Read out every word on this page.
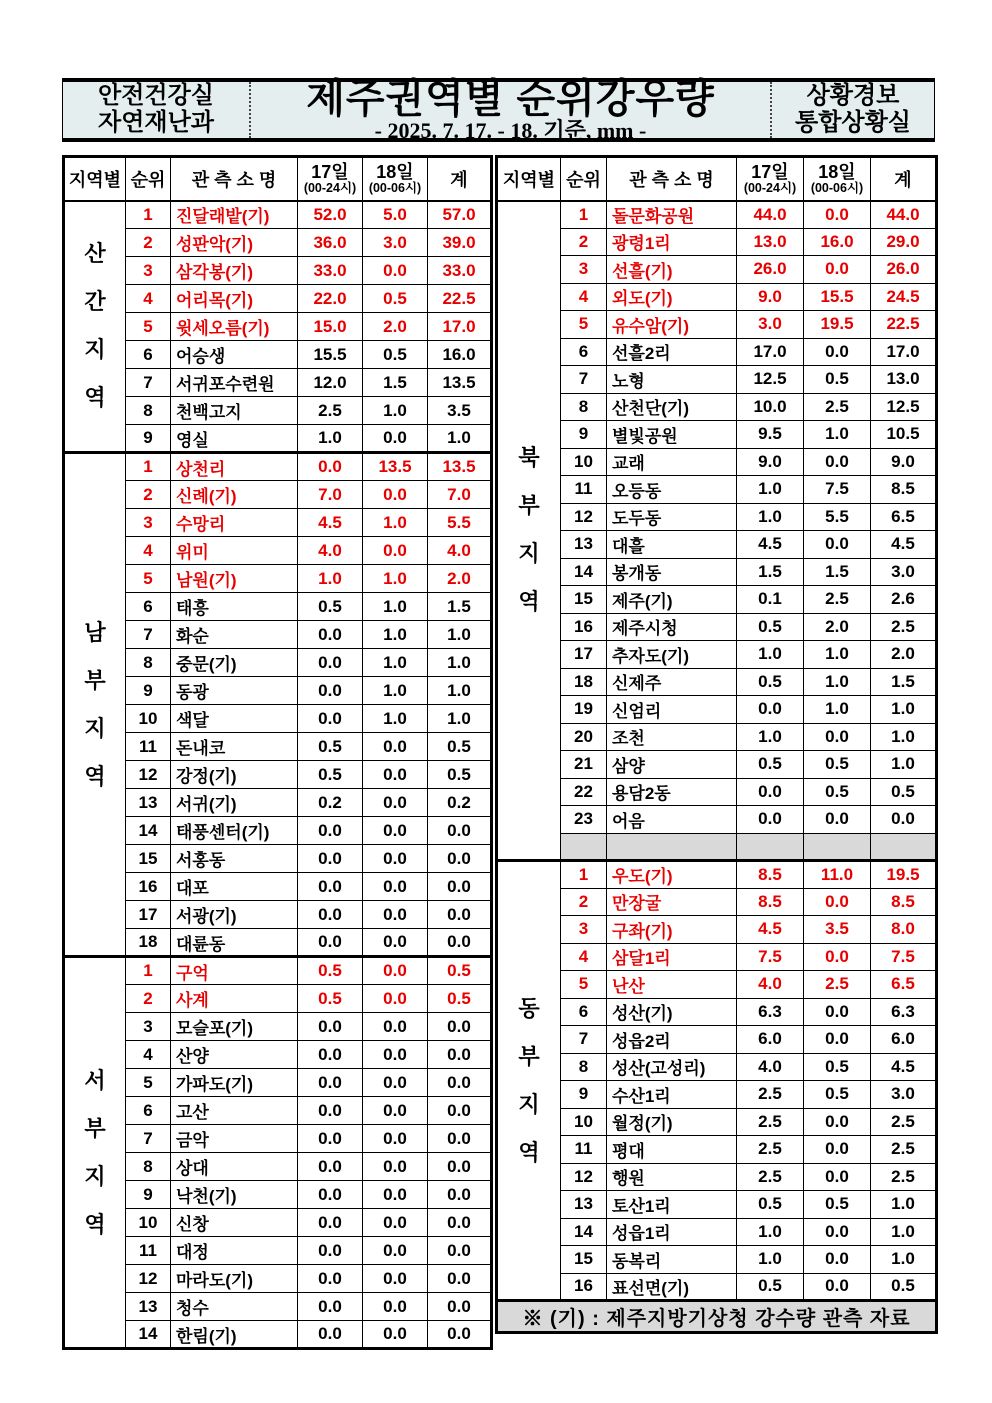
안전건강실
자연재난과
제주권역별 순위강우량
- 2025. 7. 17. - 18. 기준, mm -
상황경보
통합상황실
지역별	순위	관 측 소 명	17일
(00-24시)

18일
(00-06시)	계

산
간
지
역	1	진달래밭(기)	52.0	5.0	57.0
	2	성판악(기)	36.0	3.0	39.0
	3	삼각봉(기)	33.0	0.0	33.0
	4	어리목(기)	22.0	0.5	22.5
	5	윗세오름(기)	15.0	2.0	17.0
	6	어승생	15.5	0.5	16.0
	7	서귀포수련원	12.0	1.5	13.5
	8	천백고지	2.5	1.0	3.5
	9	영실	1.0	0.0	1.0

남
부
지
역	1	상천리	0.0	13.5	13.5
	2	신례(기)	7.0	0.0	7.0
	3	수망리	4.5	1.0	5.5
	4	위미	4.0	0.0	4.0
	5	남원(기)	1.0	1.0	2.0
	6	태흥	0.5	1.0	1.5
	7	화순	0.0	1.0	1.0
	8	중문(기)	0.0	1.0	1.0
	9	동광	0.0	1.0	1.0
	10	색달	0.0	1.0	1.0
	11	돈내코	0.5	0.0	0.5
	12	강정(기)	0.5	0.0	0.5
	13	서귀(기)	0.2	0.0	0.2
	14	태풍센터(기)	0.0	0.0	0.0
	15	서홍동	0.0	0.0	0.0
	16	대포	0.0	0.0	0.0
	17	서광(기)	0.0	0.0	0.0
	18	대륜동	0.0	0.0	0.0

서
부
지
역	1	구억	0.5	0.0	0.5
	2	사계	0.5	0.0	0.5
	3	모슬포(기)	0.0	0.0	0.0
	4	산양	0.0	0.0	0.0
	5	가파도(기)	0.0	0.0	0.0
	6	고산	0.0	0.0	0.0
	7	금악	0.0	0.0	0.0
	8	상대	0.0	0.0	0.0
	9	낙천(기)	0.0	0.0	0.0
	10	신창	0.0	0.0	0.0
	11	대정	0.0	0.0	0.0
	12	마라도(기)	0.0	0.0	0.0
	13	청수	0.0	0.0	0.0
	14	한림(기)	0.0	0.0	0.0
지역별	순위	관 측 소 명	17일
(00-24시)

18일
(00-06시)	계

북
부
지
역	1	돌문화공원	44.0	0.0	44.0
	2	광령1리	13.0	16.0	29.0
	3	선흘(기)	26.0	0.0	26.0
	4	외도(기)	9.0	15.5	24.5
	5	유수암(기)	3.0	19.5	22.5
	6	선흘2리	17.0	0.0	17.0
	7	노형	12.5	0.5	13.0
	8	산천단(기)	10.0	2.5	12.5
	9	별빛공원	9.5	1.0	10.5
	10	교래	9.0	0.0	9.0
	11	오등동	1.0	7.5	8.5
	12	도두동	1.0	5.5	6.5
	13	대흘	4.5	0.0	4.5
	14	봉개동	1.5	1.5	3.0
	15	제주(기)	0.1	2.5	2.6
	16	제주시청	0.5	2.0	2.5
	17	추자도(기)	1.0	1.0	2.0
	18	신제주	0.5	1.0	1.5
	19	신엄리	0.0	1.0	1.0
	20	조천	1.0	0.0	1.0
	21	삼양	0.5	0.5	1.0
	22	용담2동	0.0	0.5	0.5
	23	어음	0.0	0.0	0.0

동
부
지
역	1	우도(기)	8.5	11.0	19.5
	2	만장굴	8.5	0.0	8.5
	3	구좌(기)	4.5	3.5	8.0
	4	삼달1리	7.5	0.0	7.5
	5	난산	4.0	2.5	6.5
	6	성산(기)	6.3	0.0	6.3
	7	성읍2리	6.0	0.0	6.0
	8	성산(고성리)	4.0	0.5	4.5
	9	수산1리	2.5	0.5	3.0
	10	월정(기)	2.5	0.0	2.5
	11	평대	2.5	0.0	2.5
	12	행원	2.5	0.0	2.5
	13	토산1리	0.5	0.5	1.0
	14	성읍1리	1.0	0.0	1.0
	15	동복리	1.0	0.0	1.0
	16	표선면(기)	0.5	0.0	0.5
※ (기) : 제주지방기상청 강수량 관측 자료					
